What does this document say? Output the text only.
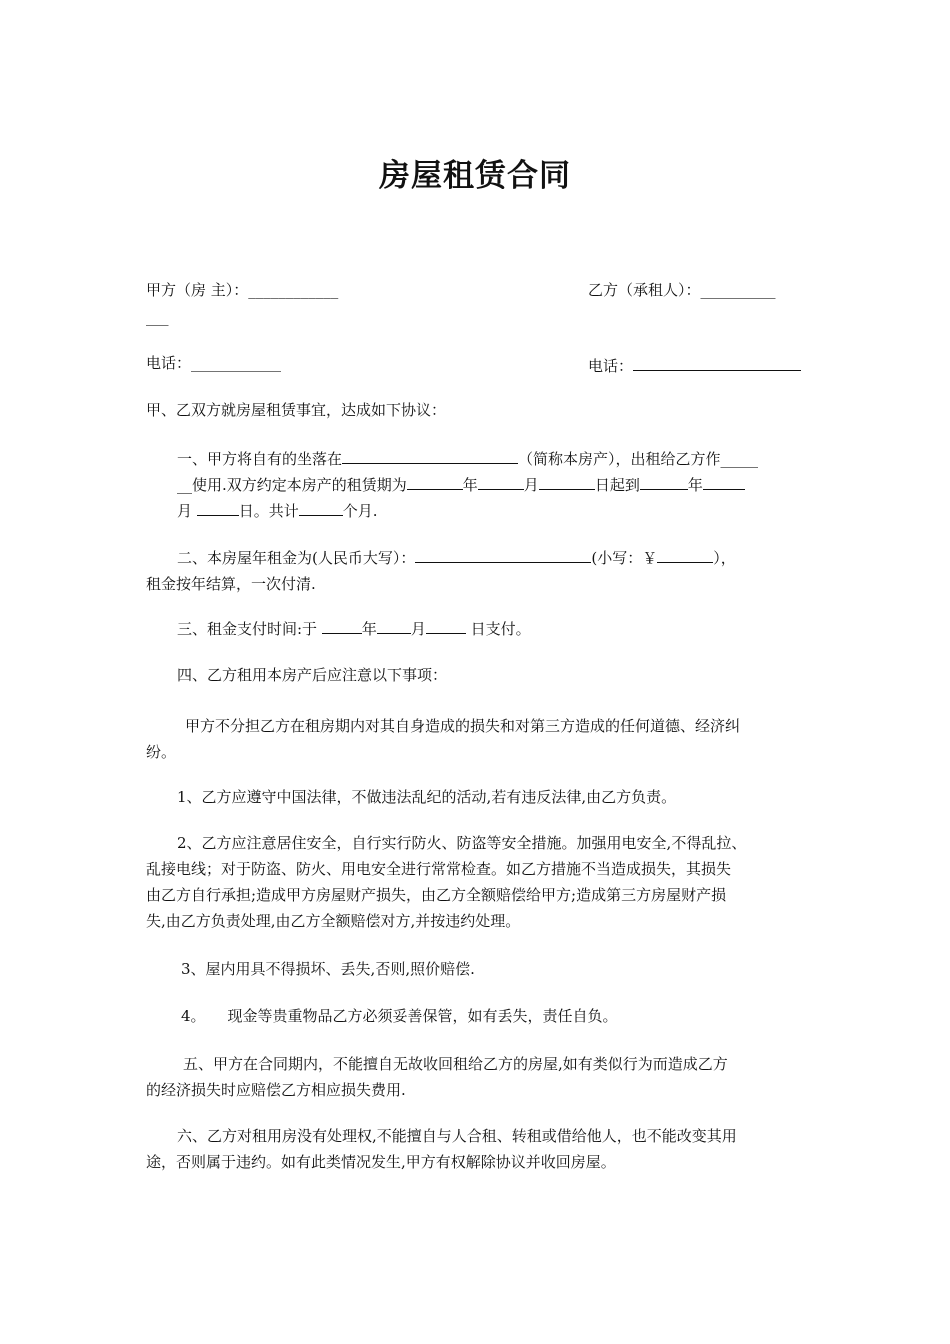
房屋租赁合同
甲方（房 主）：____________	乙方（承租人）：__________
___
电话：____________	电话：
甲、乙双方就房屋租赁事宜，达成如下协议：
一、甲方将自有的坐落在	（简称本房产），出租给乙方作_____
__使用.双方约定本房产的租赁期为	年	月	日起到	年
月	日。共计	个月.
二、本房屋年租金为(人民币大写）：	(小写：￥	），
租金按年结算，一次付清.
三、租金支付时间:于	年 月	日支付。
四、乙方租用本房产后应注意以下事项：
甲方不分担乙方在租房期内对其自身造成的损失和对第三方造成的任何道德、经济纠
纷。
1、乙方应遵守中国法律，不做违法乱纪的活动,若有违反法律,由乙方负责。
2、乙方应注意居住安全，自行实行防火、防盗等安全措施。加强用电安全,不得乱拉、
乱接电线；对于防盗、防火、用电安全进行常常检查。如乙方措施不当造成损失，其损失
由乙方自行承担;造成甲方房屋财产损失，由乙方全额赔偿给甲方;造成第三方房屋财产损
失,由乙方负责处理,由乙方全额赔偿对方,并按违约处理。
3、屋内用具不得损坏、丢失,否则,照价赔偿.
4。 现金等贵重物品乙方必须妥善保管，如有丢失，责任自负。
五、甲方在合同期内，不能擅自无故收回租给乙方的房屋,如有类似行为而造成乙方
的经济损失时应赔偿乙方相应损失费用.
六、乙方对租用房没有处理权,不能擅自与人合租、转租或借给他人，也不能改变其用
途，否则属于违约。如有此类情况发生,甲方有权解除协议并收回房屋。
